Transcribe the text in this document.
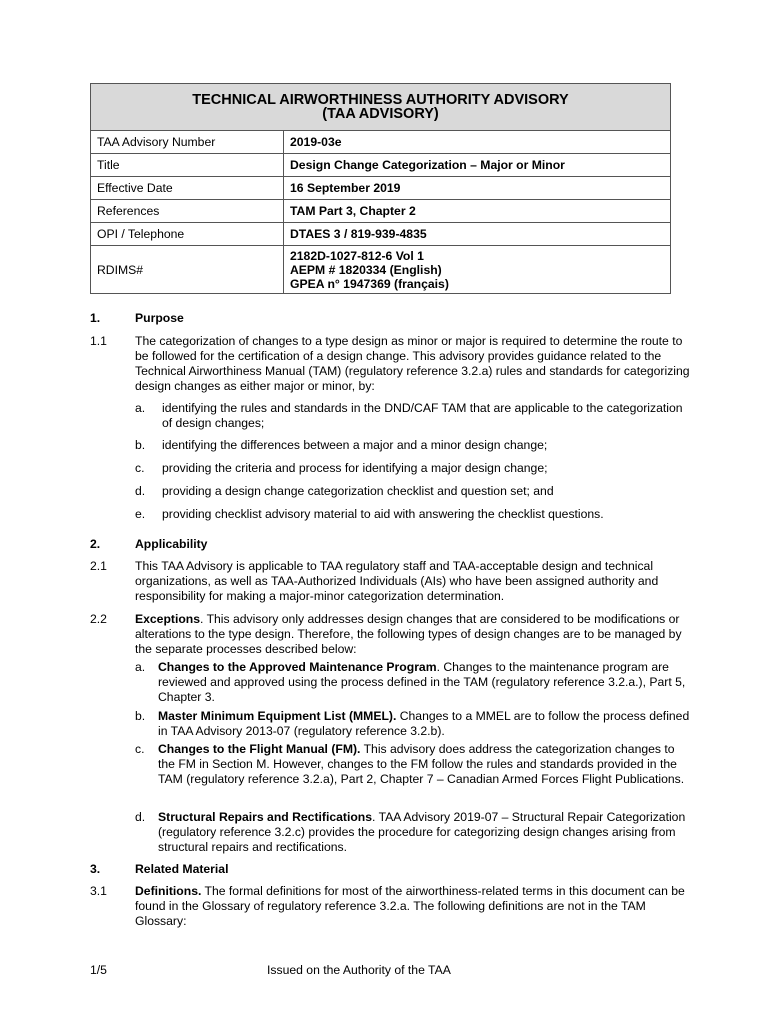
TECHNICAL AIRWORTHINESS AUTHORITY ADVISORY
(TAA ADVISORY)	

TAA Advisory Number	2019-03e
Title	Design Change Categorization – Major or Minor
Effective Date	16 September 2019
References	TAM Part 3, Chapter 2
OPI / Telephone	DTAES 3 / 819-939-4835
RDIMS#	2182D-1027-812-6 Vol 1
AEPM # 1820334 (English)
GPEA n° 1947369 (français)
1.	Purpose
1.1 The categorization of changes to a type design as minor or major is required to determine the route to be followed for the certification of a design change. This advisory provides guidance related to the Technical Airworthiness Manual (TAM) (regulatory reference 3.2.a) rules and standards for categorizing design changes as either major or minor, by:
a. identifying the rules and standards in the DND/CAF TAM that are applicable to the categorization of design changes;
b. identifying the differences between a major and a minor design change;
c. providing the criteria and process for identifying a major design change;
d. providing a design change categorization checklist and question set; and
e. providing checklist advisory material to aid with answering the checklist questions.
2.	Applicability
2.1 This TAA Advisory is applicable to TAA regulatory staff and TAA-acceptable design and technical organizations, as well as TAA-Authorized Individuals (AIs) who have been assigned authority and responsibility for making a major-minor categorization determination.
2.2 Exceptions. This advisory only addresses design changes that are considered to be modifications or alterations to the type design. Therefore, the following types of design changes are to be managed by the separate processes described below:
a. Changes to the Approved Maintenance Program. Changes to the maintenance program are reviewed and approved using the process defined in the TAM (regulatory reference 3.2.a.), Part 5, Chapter 3.
b. Master Minimum Equipment List (MMEL). Changes to a MMEL are to follow the process defined in TAA Advisory 2013-07 (regulatory reference 3.2.b).
c. Changes to the Flight Manual (FM). This advisory does address the categorization changes to the FM in Section M. However, changes to the FM follow the rules and standards provided in the TAM (regulatory reference 3.2.a), Part 2, Chapter 7 – Canadian Armed Forces Flight Publications.
d. Structural Repairs and Rectifications. TAA Advisory 2019-07 – Structural Repair Categorization (regulatory reference 3.2.c) provides the procedure for categorizing design changes arising from structural repairs and rectifications.
3.	Related Material
3.1 Definitions. The formal definitions for most of the airworthiness-related terms in this document can be found in the Glossary of regulatory reference 3.2.a. The following definitions are not in the TAM Glossary:
1/5	Issued on the Authority of the TAA
